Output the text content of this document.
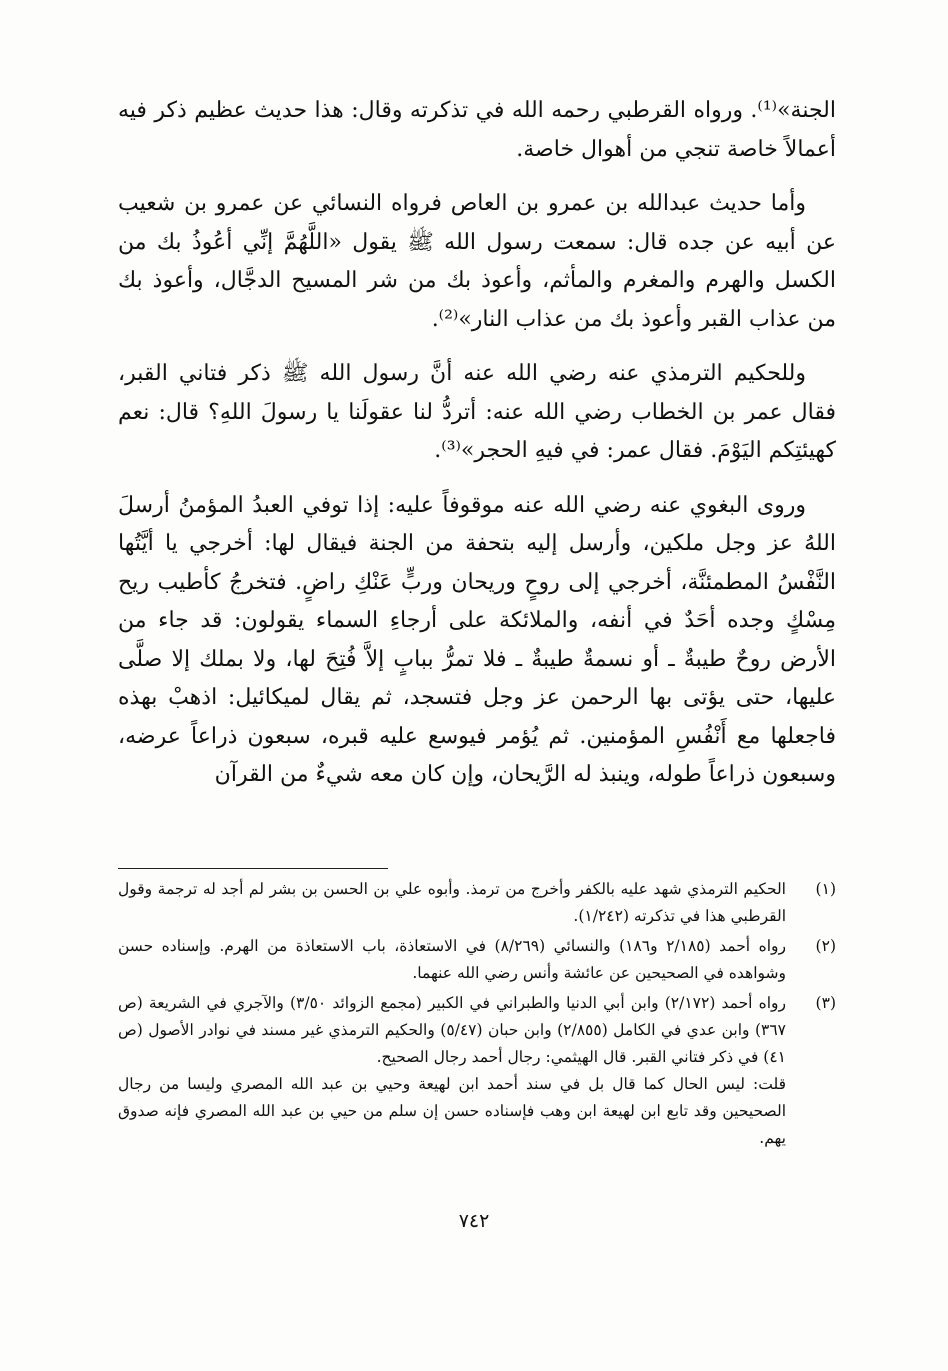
الجنة»⁽¹⁾. ورواه القرطبي رحمه الله في تذكرته وقال: هذا حديث عظيم ذكر فيه أعمالاً خاصة تنجي من أهوال خاصة.

وأما حديث عبدالله بن عمرو بن العاص فرواه النسائي عن عمرو بن شعيب عن أبيه عن جده قال: سمعت رسول الله ﷺ يقول «اللَّهُمَّ إنِّي أعُوذُ بك من الكسل والهرم والمغرم والمأثم، وأعوذ بك من شر المسيح الدجَّال، وأعوذ بك من عذاب القبر وأعوذ بك من عذاب النار»⁽²⁾.

وللحكيم الترمذي عنه رضي الله عنه أنَّ رسول الله ﷺ ذكر فتاني القبر، فقال عمر بن الخطاب رضي الله عنه: أتردُّ لنا عقولَنا يا رسولَ اللهِ؟ قال: نعم كهيئتِكم اليَوْمَ. فقال عمر: في فيهِ الحجر»⁽³⁾.

وروى البغوي عنه رضي الله عنه موقوفاً عليه: إذا توفي العبدُ المؤمنُ أرسلَ اللهُ عز وجل ملكين، وأرسل إليه بتحفة من الجنة فيقال لها: أخرجي يا أيَّتُها النَّفْسُ المطمئنَّة، أخرجي إلى روحٍ وريحان وربٍّ عَنْكِ راضٍ. فتخرجُ كأطيب ريح مِسْكٍ وجده أحَدٌ في أنفه، والملائكة على أرجاءِ السماء يقولون: قد جاء من الأرض روحٌ طيبةٌ ـ أو نسمةٌ طيبةٌ ـ فلا تمرُّ ببابٍ إلاَّ فُتِحَ لها، ولا بملك إلا صلَّى عليها، حتى يؤتى بها الرحمن عز وجل فتسجد، ثم يقال لميكائيل: اذهبْ بهذه فاجعلها مع أَنْفُسِ المؤمنين. ثم يُؤمر فيوسع عليه قبره، سبعون ذراعاً عرضه، وسبعون ذراعاً طوله، وينبذ له الرَّيحان، وإن كان معه شيءٌ من القرآن

(١)

الحكيم الترمذي شهد عليه بالكفر وأخرج من ترمذ. وأبوه علي بن الحسن بن بشر لم أجد له ترجمة وقول القرطبي هذا في تذكرته (١/٢٤٢).

(٢)

رواه أحمد (٢/١٨٥ و١٨٦) والنسائي (٨/٢٦٩) في الاستعاذة، باب الاستعاذة من الهرم. وإسناده حسن وشواهده في الصحيحين عن عائشة وأنس رضي الله عنهما.

(٣)

رواه أحمد (٢/١٧٢) وابن أبي الدنيا والطبراني في الكبير (مجمع الزوائد ٣/٥٠) والآجري في الشريعة (ص ٣٦٧) وابن عدي في الكامل (٢/٨٥٥) وابن حبان (٥/٤٧) والحكيم الترمذي غير مسند في نوادر الأصول (ص ٤١) في ذكر فتاني القبر. قال الهيثمي: رجال أحمد رجال الصحيح.

قلت: ليس الحال كما قال بل في سند أحمد ابن لهيعة وحيي بن عبد الله المصري وليسا من رجال الصحيحين وقد تابع ابن لهيعة ابن وهب فإسناده حسن إن سلم من حيي بن عبد الله المصري فإنه صدوق يهم.

٧٤٢
